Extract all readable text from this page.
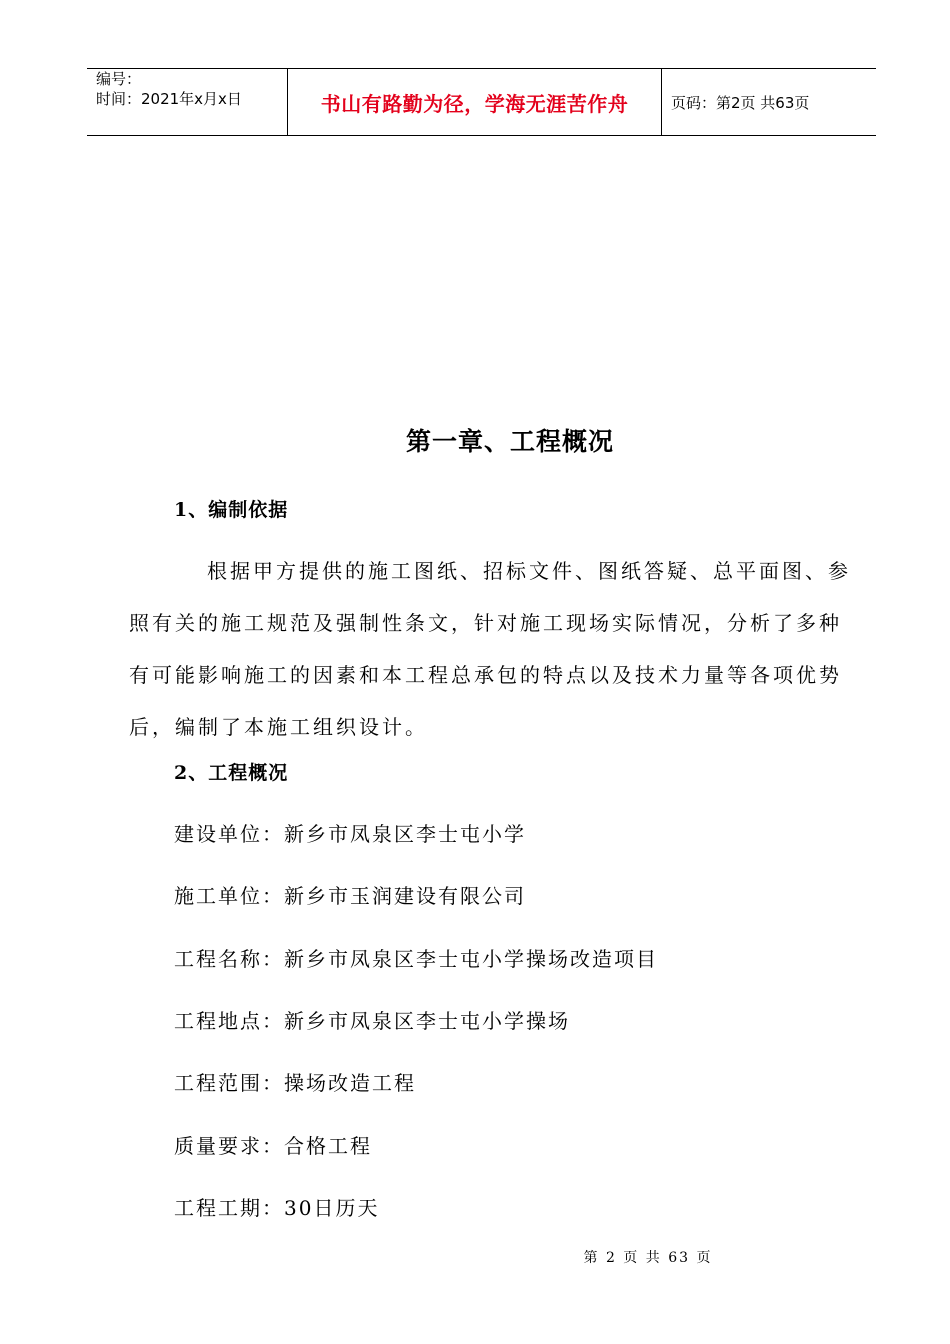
编号：
时间：2021年x月x日	书山有路勤为径，学海无涯苦作舟	页码：第2页 共63页
第一章、工程概况
1、编制依据
根据甲方提供的施工图纸、招标文件、图纸答疑、总平面图、参
照有关的施工规范及强制性条文，针对施工现场实际情况，分析了多种
有可能影响施工的因素和本工程总承包的特点以及技术力量等各项优势
后，编制了本施工组织设计。
2、工程概况
建设单位：新乡市凤泉区李士屯小学
施工单位：新乡市玉润建设有限公司
工程名称：新乡市凤泉区李士屯小学操场改造项目
工程地点：新乡市凤泉区李士屯小学操场
工程范围：操场改造工程
质量要求：合格工程
工程工期：30日历天
第 2 页 共 63 页
